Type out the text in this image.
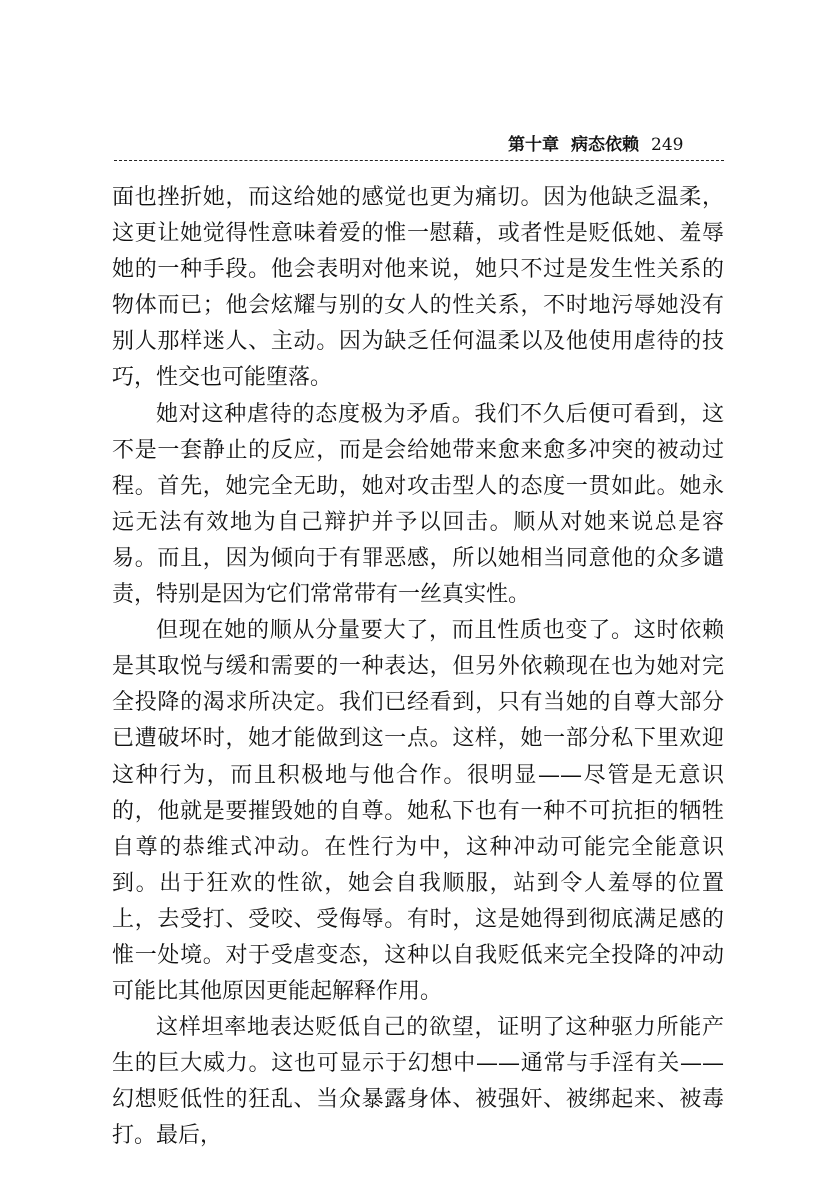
第十章 病态依赖 249

面也挫折她，而这给她的感觉也更为痛切。因为他缺乏温柔，这更让她觉得性意味着爱的惟一慰藉，或者性是贬低她、羞辱她的一种手段。他会表明对他来说，她只不过是发生性关系的物体而已；他会炫耀与别的女人的性关系，不时地污辱她没有别人那样迷人、主动。因为缺乏任何温柔以及他使用虐待的技巧，性交也可能堕落。

她对这种虐待的态度极为矛盾。我们不久后便可看到，这不是一套静止的反应，而是会给她带来愈来愈多冲突的被动过程。首先，她完全无助，她对攻击型人的态度一贯如此。她永远无法有效地为自己辩护并予以回击。顺从对她来说总是容易。而且，因为倾向于有罪恶感，所以她相当同意他的众多谴责，特别是因为它们常常带有一丝真实性。

但现在她的顺从分量要大了，而且性质也变了。这时依赖是其取悦与缓和需要的一种表达，但另外依赖现在也为她对完全投降的渴求所决定。我们已经看到，只有当她的自尊大部分已遭破坏时，她才能做到这一点。这样，她一部分私下里欢迎这种行为，而且积极地与他合作。很明显——尽管是无意识的，他就是要摧毁她的自尊。她私下也有一种不可抗拒的牺牲自尊的恭维式冲动。在性行为中，这种冲动可能完全能意识到。出于狂欢的性欲，她会自我顺服，站到令人羞辱的位置上，去受打、受咬、受侮辱。有时，这是她得到彻底满足感的惟一处境。对于受虐变态，这种以自我贬低来完全投降的冲动可能比其他原因更能起解释作用。

这样坦率地表达贬低自己的欲望，证明了这种驱力所能产生的巨大威力。这也可显示于幻想中——通常与手淫有关——幻想贬低性的狂乱、当众暴露身体、被强奸、被绑起来、被毒打。最后，
